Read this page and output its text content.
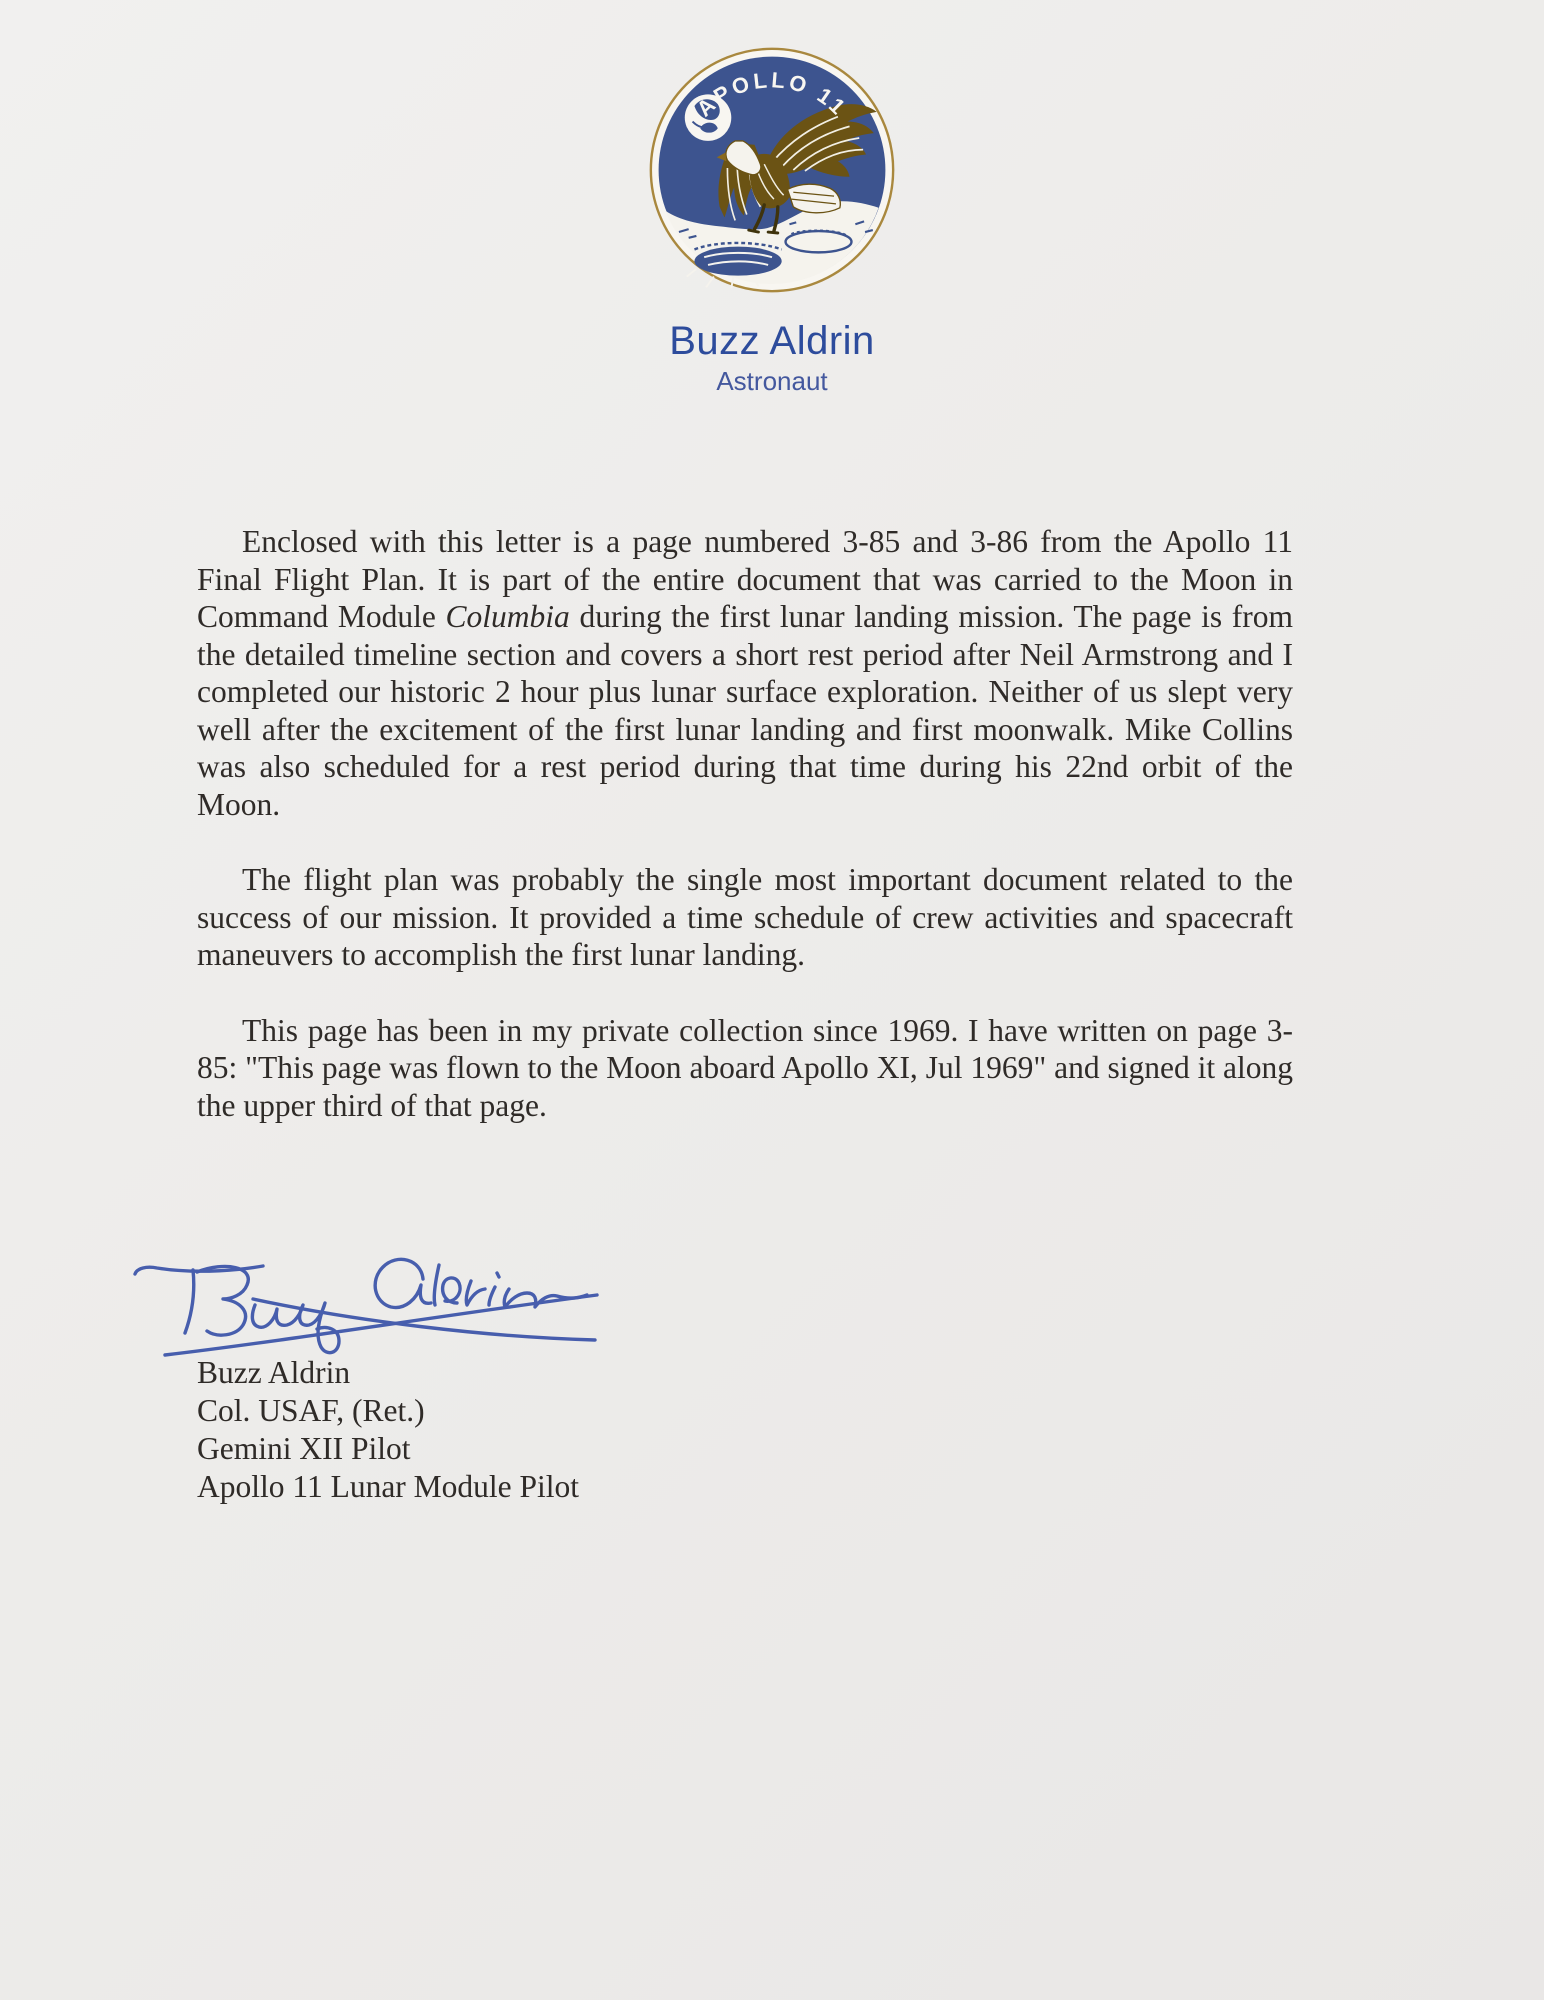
APOLLO 11
Buzz Aldrin
Astronaut

Enclosed with this letter is a page numbered 3-85 and 3-86 from the Apollo 11 Final Flight Plan. It is part of the entire document that was carried to the Moon in Command Module Columbia during the first lunar landing mission. The page is from the detailed timeline section and covers a short rest period after Neil Armstrong and I completed our historic 2 hour plus lunar surface exploration. Neither of us slept very well after the excitement of the first lunar landing and first moonwalk. Mike Collins was also scheduled for a rest period during that time during his 22nd orbit of the Moon.

The flight plan was probably the single most important document related to the success of our mission. It provided a time schedule of crew activities and spacecraft maneuvers to accomplish the first lunar landing.

This page has been in my private collection since 1969. I have written on page 3-85: "This page was flown to the Moon aboard Apollo XI, Jul 1969" and signed it along the upper third of that page.

Buzz Aldrin
Col. USAF, (Ret.)
Gemini XII Pilot
Apollo 11 Lunar Module Pilot
